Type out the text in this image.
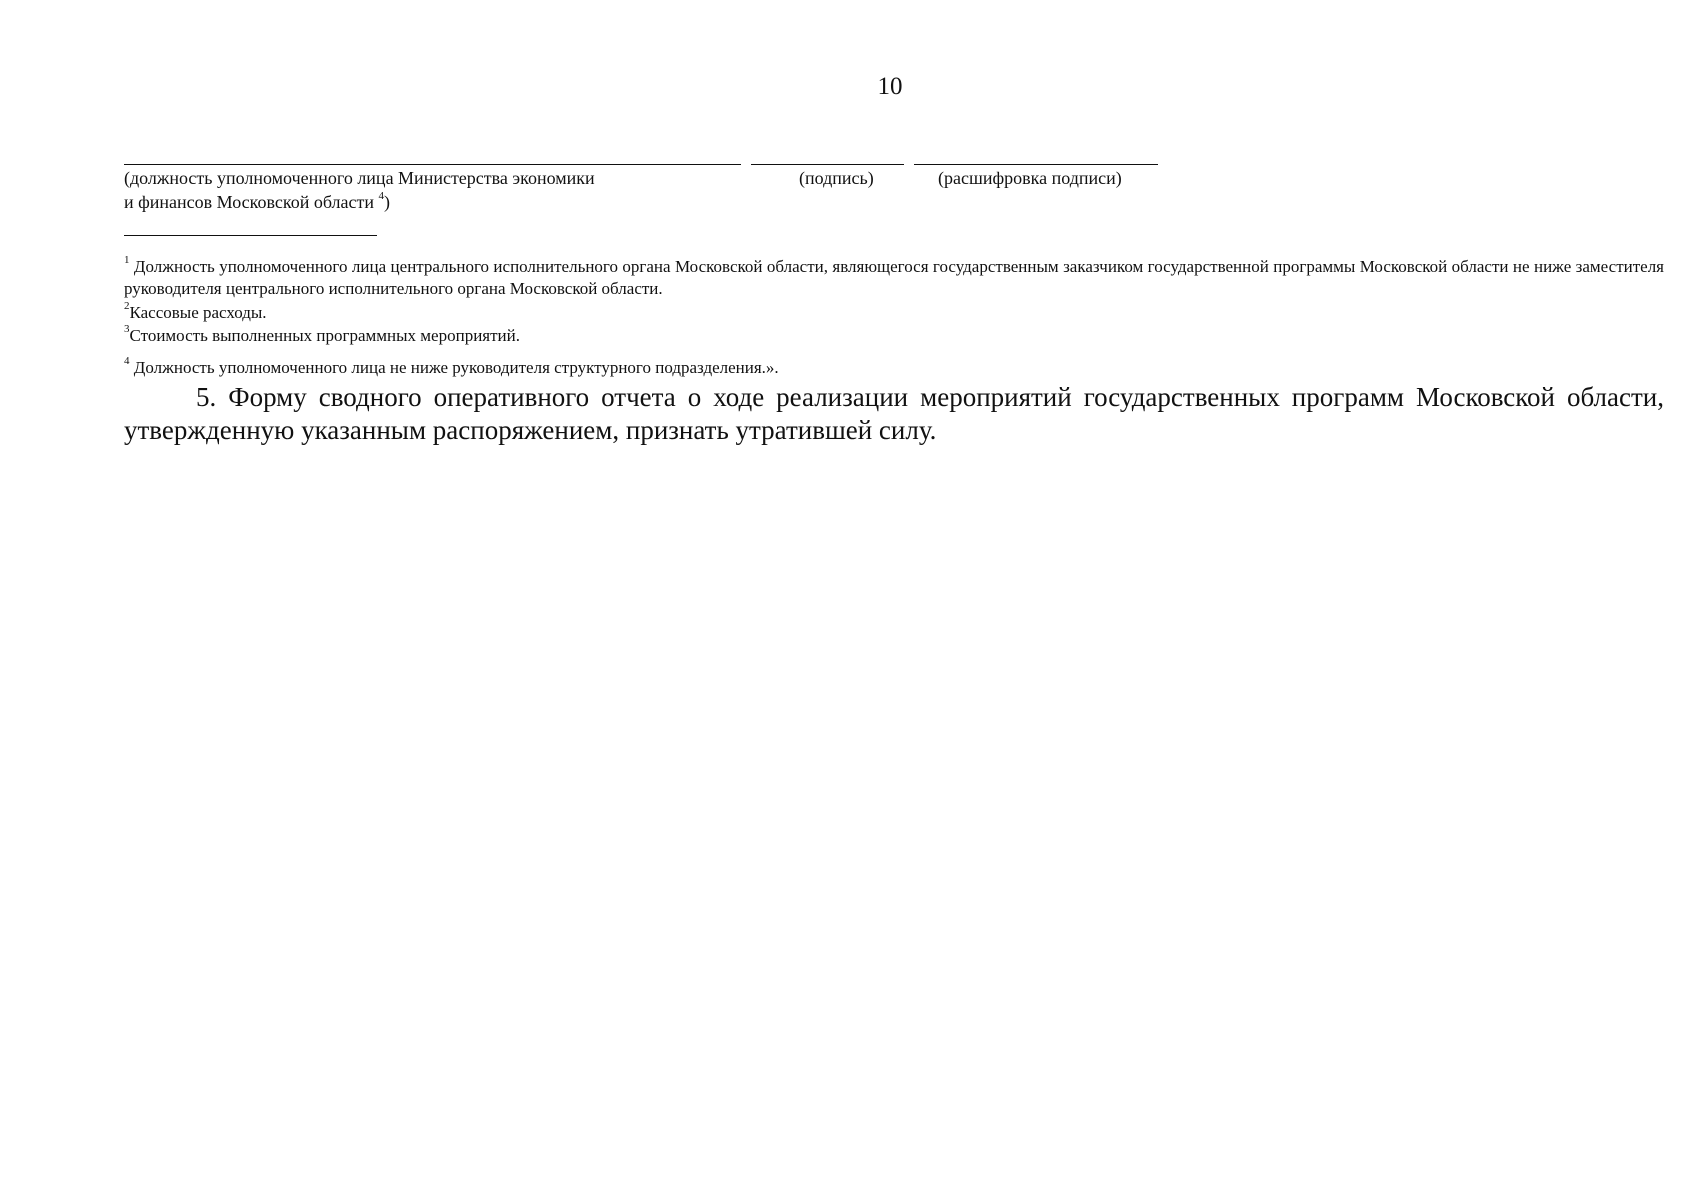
10
(должность уполномоченного лица Министерства экономики
и финансов Московской области $^4$)
(подпись)	(расшифровка подписи)
$^1$ Должность уполномоченного лица центрального исполнительного органа Московской области, являющегося государственным заказчиком государственной программы Московской области не ниже заместителя руководителя центрального исполнительного органа Московской области.
$^2$Кассовые расходы.
$^3$Стоимость выполненных программных мероприятий.
$^4$ Должность уполномоченного лица не ниже руководителя структурного подразделения.».
5. Форму сводного оперативного отчета о ходе реализации мероприятий государственных программ Московской области, утвержденную указанным распоряжением, признать утратившей силу.
